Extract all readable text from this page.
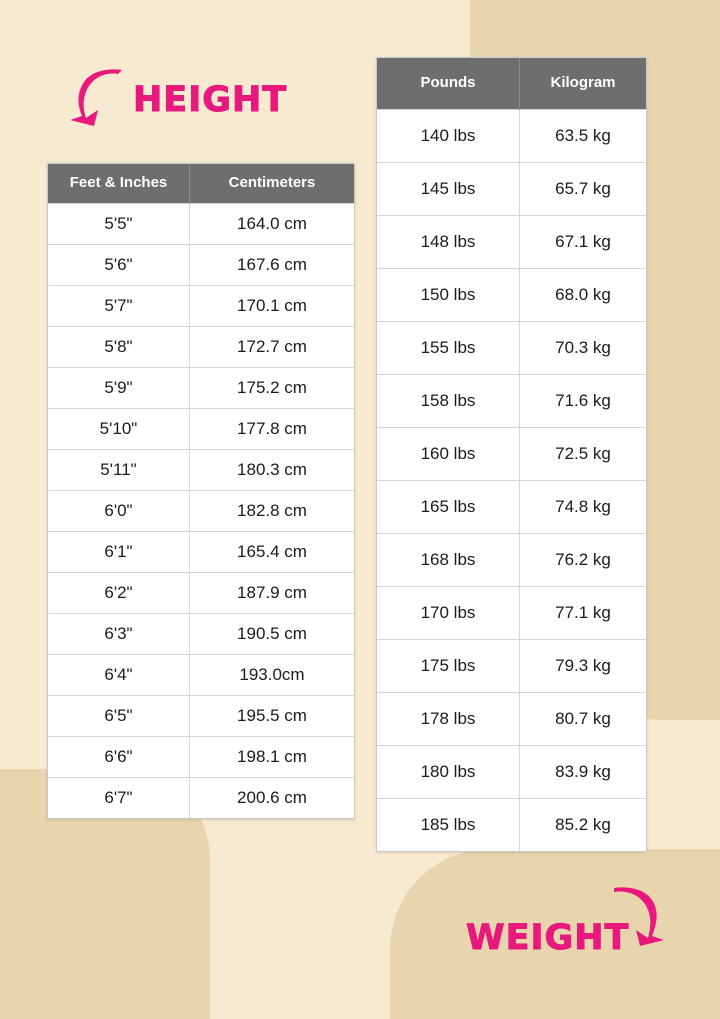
HEIGHT
Feet & Inches	Centimeters
5'5"	164.0 cm
5'6"	167.6 cm
5'7"	170.1 cm
5'8"	172.7 cm
5'9"	175.2 cm
5'10"	177.8 cm
5'11"	180.3 cm
6'0"	182.8 cm
6'1"	165.4 cm
6'2"	187.9 cm
6'3"	190.5 cm
6'4"	193.0cm
6'5"	195.5 cm
6'6"	198.1 cm
6'7"	200.6 cm
Pounds	Kilogram
140 lbs	63.5 kg
145 lbs	65.7 kg
148 lbs	67.1 kg
150 lbs	68.0 kg
155 lbs	70.3 kg
158 lbs	71.6 kg
160 lbs	72.5 kg
165 lbs	74.8 kg
168 lbs	76.2 kg
170 lbs	77.1 kg
175 lbs	79.3 kg
178 lbs	80.7 kg
180 lbs	83.9 kg
185 lbs	85.2 kg
WEIGHT
